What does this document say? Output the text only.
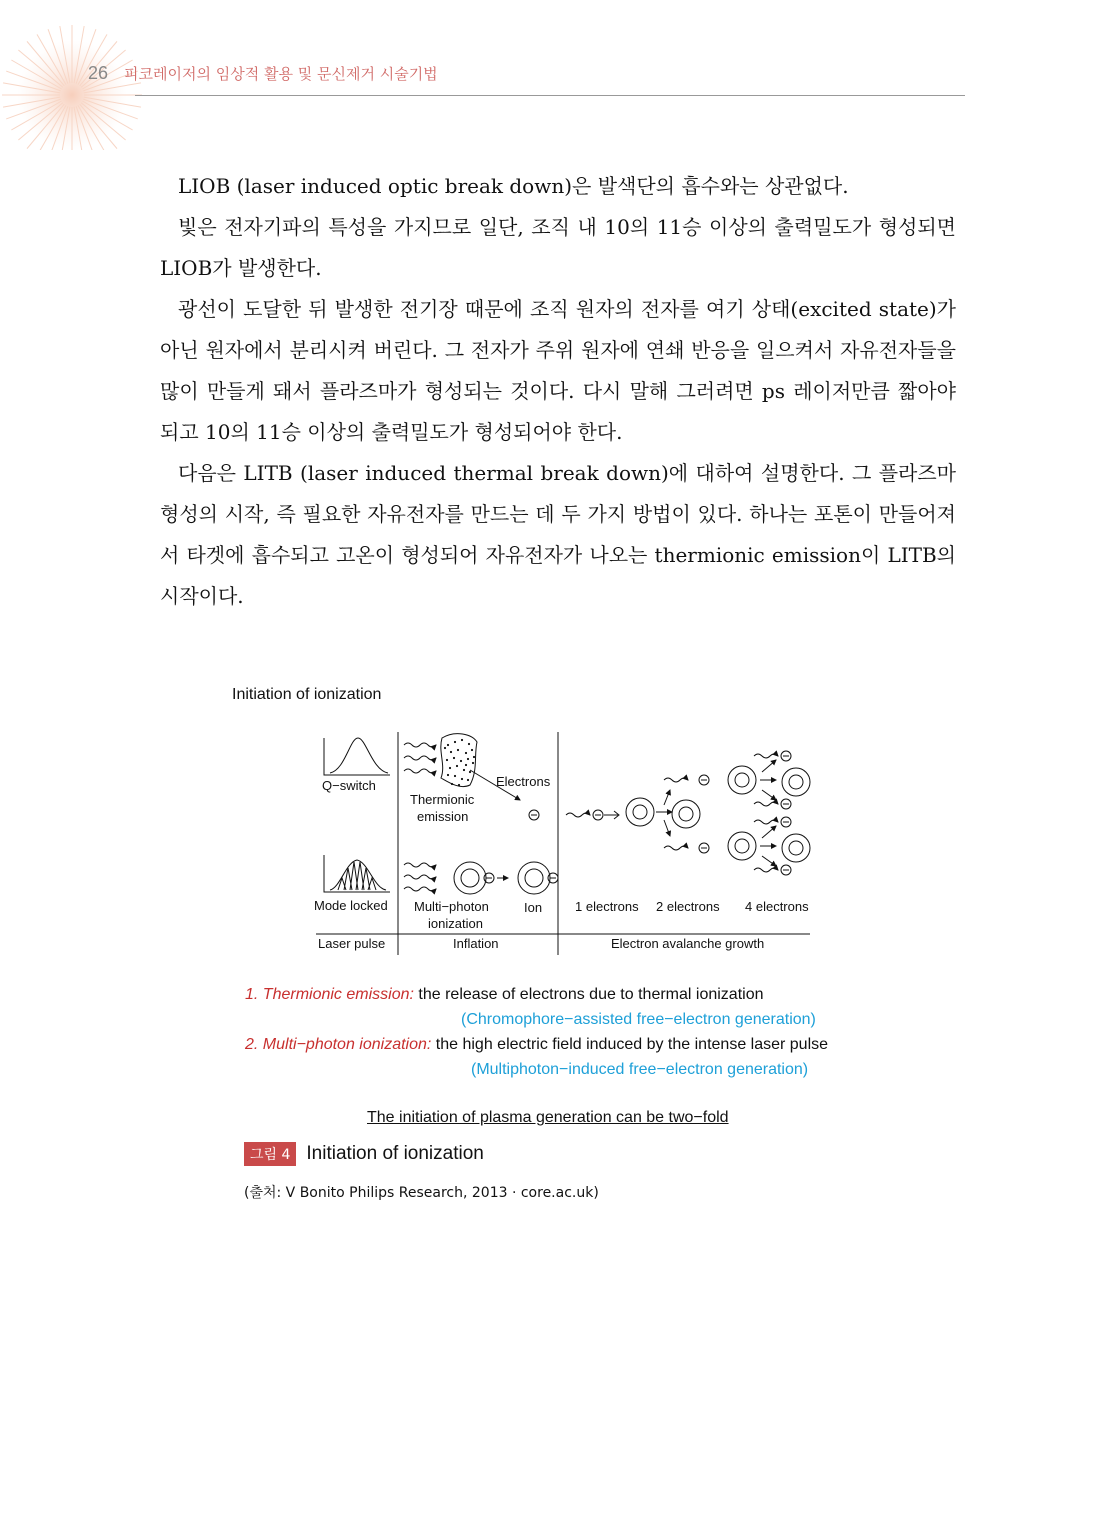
26 피코레이저의 임상적 활용 및 문신제거 시술기법

LIOB (laser induced optic break down)은 발색단의 흡수와는 상관없다.

빛은 전자기파의 특성을 가지므로 일단, 조직 내 10의 11승 이상의 출력밀도가 형성되면 LIOB가 발생한다.

광선이 도달한 뒤 발생한 전기장 때문에 조직 원자의 전자를 여기 상태(excited state)가 아닌 원자에서 분리시켜 버린다. 그 전자가 주위 원자에 연쇄 반응을 일으켜서 자유전자들을 많이 만들게 돼서 플라즈마가 형성되는 것이다. 다시 말해 그러려면 ps 레이저만큼 짧아야 되고 10의 11승 이상의 출력밀도가 형성되어야 한다.

다음은 LITB (laser induced thermal break down)에 대하여 설명한다. 그 플라즈마 형성의 시작, 즉 필요한 자유전자를 만드는 데 두 가지 방법이 있다. 하나는 포톤이 만들어져서 타겟에 흡수되고 고온이 형성되어 자유전자가 나오는 thermionic emission이 LITB의 시작이다.

Initiation of ionization
Q−switch
Mode locked
Thermionic
emission
Electrons
Multi−photon
ionization
Ion	1 electrons 2 electrons 4 electrons
Laser pulse	Inflation	Electron avalanche growth
1. Thermionic emission: the release of electrons due to thermal ionization
(Chromophore−assisted free−electron generation)
2. Multi−photon ionization: the high electric field induced by the intense laser pulse
(Multiphoton−induced free−electron generation)
The initiation of plasma generation can be two−fold
그림 4 Initiation of ionization
(출처: V Bonito Philips Research, 2013 · core.ac.uk)
